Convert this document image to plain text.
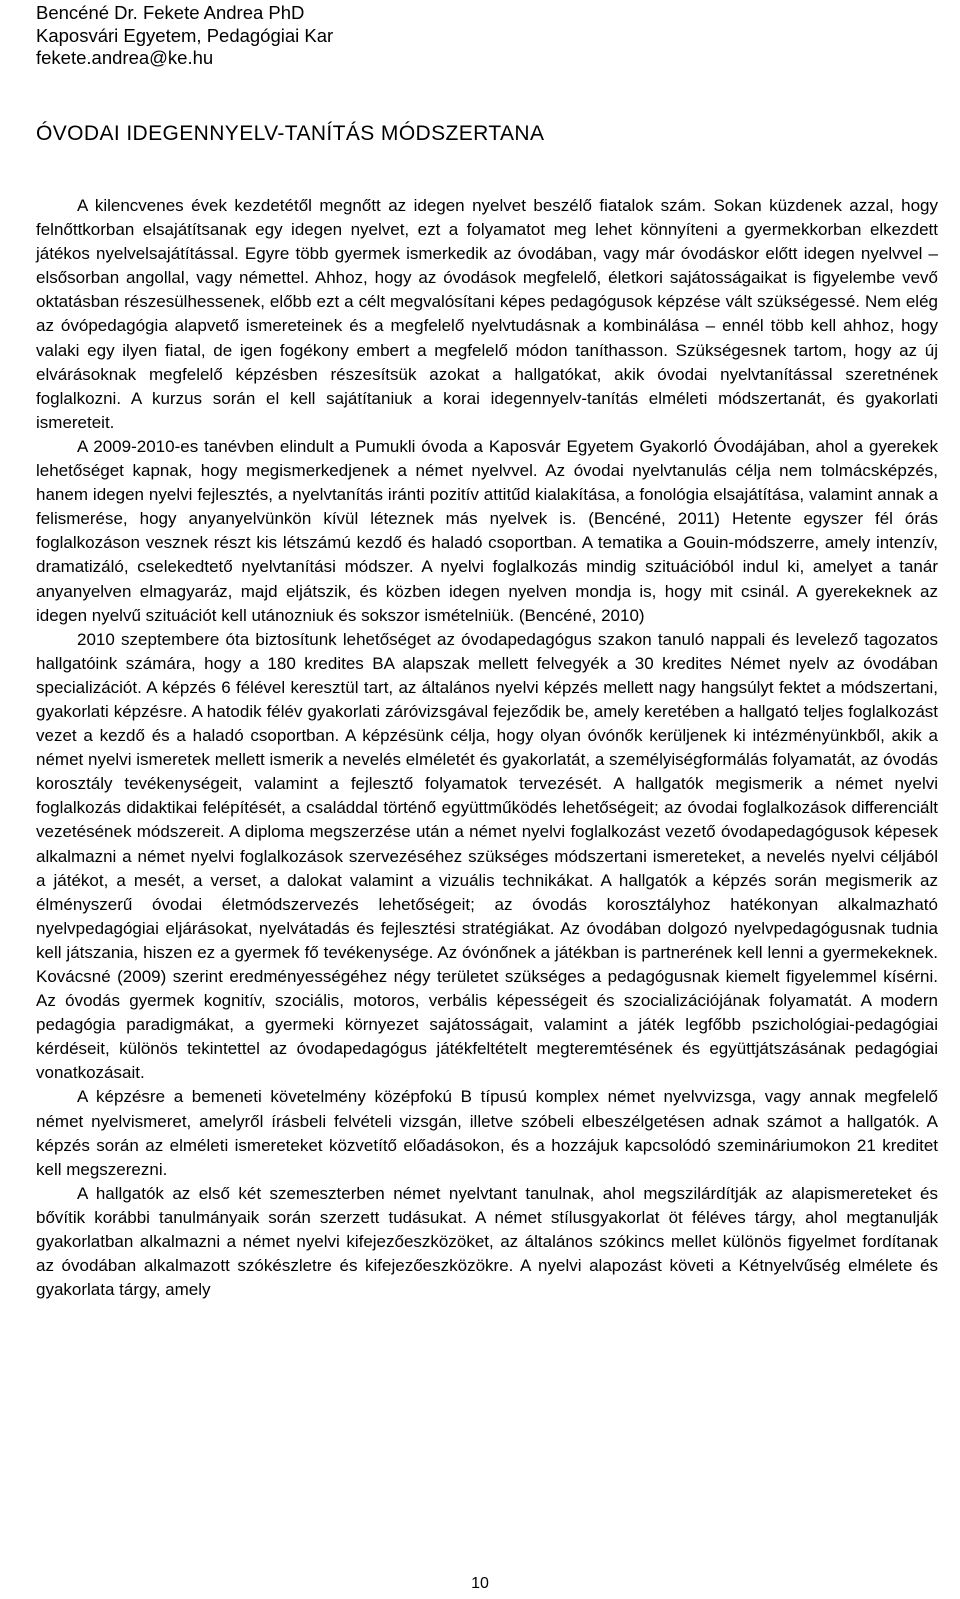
Bencéné Dr. Fekete Andrea PhD
Kaposvári Egyetem, Pedagógiai Kar
fekete.andrea@ke.hu
ÓVODAI IDEGENNYELV-TANÍTÁS MÓDSZERTANA

A kilencvenes évek kezdetétől megnőtt az idegen nyelvet beszélő fiatalok szám. Sokan küzdenek azzal, hogy felnőttkorban elsajátítsanak egy idegen nyelvet, ezt a folyamatot meg lehet könnyíteni a gyermekkorban elkezdett játékos nyelvelsajátítással. Egyre több gyermek ismerkedik az óvodában, vagy már óvodáskor előtt idegen nyelvvel – elsősorban angollal, vagy némettel. Ahhoz, hogy az óvodások megfelelő, életkori sajátosságaikat is figyelembe vevő oktatásban részesülhessenek, előbb ezt a célt megvalósítani képes pedagógusok képzése vált szükségessé. Nem elég az óvópedagógia alapvető ismereteinek és a megfelelő nyelvtudásnak a kombinálása – ennél több kell ahhoz, hogy valaki egy ilyen fiatal, de igen fogékony embert a megfelelő módon taníthasson. Szükségesnek tartom, hogy az új elvárásoknak megfelelő képzésben részesítsük azokat a hallgatókat, akik óvodai nyelvtanítással szeretnének foglalkozni. A kurzus során el kell sajátítaniuk a korai idegennyelv-tanítás elméleti módszertanát, és gyakorlati ismereteit.

A 2009-2010-es tanévben elindult a Pumukli óvoda a Kaposvár Egyetem Gyakorló Óvodájában, ahol a gyerekek lehetőséget kapnak, hogy megismerkedjenek a német nyelvvel. Az óvodai nyelvtanulás célja nem tolmácsképzés, hanem idegen nyelvi fejlesztés, a nyelvtanítás iránti pozitív attitűd kialakítása, a fonológia elsajátítása, valamint annak a felismerése, hogy anyanyelvünkön kívül léteznek más nyelvek is. (Bencéné, 2011) Hetente egyszer fél órás foglalkozáson vesznek részt kis létszámú kezdő és haladó csoportban. A tematika a Gouin-módszerre, amely intenzív, dramatizáló, cselekedtető nyelvtanítási módszer. A nyelvi foglalkozás mindig szituációból indul ki, amelyet a tanár anyanyelven elmagyaráz, majd eljátszik, és közben idegen nyelven mondja is, hogy mit csinál. A gyerekeknek az idegen nyelvű szituációt kell utánozniuk és sokszor ismételniük. (Bencéné, 2010)

2010 szeptembere óta biztosítunk lehetőséget az óvodapedagógus szakon tanuló nappali és levelező tagozatos hallgatóink számára, hogy a 180 kredites BA alapszak mellett felvegyék a 30 kredites Német nyelv az óvodában specializációt. A képzés 6 félével keresztül tart, az általános nyelvi képzés mellett nagy hangsúlyt fektet a módszertani, gyakorlati képzésre. A hatodik félév gyakorlati záróvizsgával fejeződik be, amely keretében a hallgató teljes foglalkozást vezet a kezdő és a haladó csoportban. A képzésünk célja, hogy olyan óvónők kerüljenek ki intézményünkből, akik a német nyelvi ismeretek mellett ismerik a nevelés elméletét és gyakorlatát, a személyiségformálás folyamatát, az óvodás korosztály tevékenységeit, valamint a fejlesztő folyamatok tervezését. A hallgatók megismerik a német nyelvi foglalkozás didaktikai felépítését, a családdal történő együttműködés lehetőségeit; az óvodai foglalkozások differenciált vezetésének módszereit. A diploma megszerzése után a német nyelvi foglalkozást vezető óvodapedagógusok képesek alkalmazni a német nyelvi foglalkozások szervezéséhez szükséges módszertani ismereteket, a nevelés nyelvi céljából a játékot, a mesét, a verset, a dalokat valamint a vizuális technikákat. A hallgatók a képzés során megismerik az élményszerű óvodai életmódszervezés lehetőségeit; az óvodás korosztályhoz hatékonyan alkalmazható nyelvpedagógiai eljárásokat, nyelvátadás és fejlesztési stratégiákat. Az óvodában dolgozó nyelvpedagógusnak tudnia kell játszania, hiszen ez a gyermek fő tevékenysége. Az óvónőnek a játékban is partnerének kell lenni a gyermekeknek. Kovácsné (2009) szerint eredményességéhez négy területet szükséges a pedagógusnak kiemelt figyelemmel kísérni. Az óvodás gyermek kognitív, szociális, motoros, verbális képességeit és szocializációjának folyamatát. A modern pedagógia paradigmákat, a gyermeki környezet sajátosságait, valamint a játék legfőbb pszichológiai-pedagógiai kérdéseit, különös tekintettel az óvodapedagógus játékfeltételt megteremtésének és együttjátszásának pedagógiai vonatkozásait.

A képzésre a bemeneti követelmény középfokú B típusú komplex német nyelvvizsga, vagy annak megfelelő német nyelvismeret, amelyről írásbeli felvételi vizsgán, illetve szóbeli elbeszélgetésen adnak számot a hallgatók. A képzés során az elméleti ismereteket közvetítő előadásokon, és a hozzájuk kapcsolódó szemináriumokon 21 kreditet kell megszerezni.

A hallgatók az első két szemeszterben német nyelvtant tanulnak, ahol megszilárdítják az alapismereteket és bővítik korábbi tanulmányaik során szerzett tudásukat. A német stílusgyakorlat öt féléves tárgy, ahol megtanulják gyakorlatban alkalmazni a német nyelvi kifejezőeszközöket, az általános szókincs mellet különös figyelmet fordítanak az óvodában alkalmazott szókészletre és kifejezőeszközökre. A nyelvi alapozást követi a Kétnyelvűség elmélete és gyakorlata tárgy, amely

10
